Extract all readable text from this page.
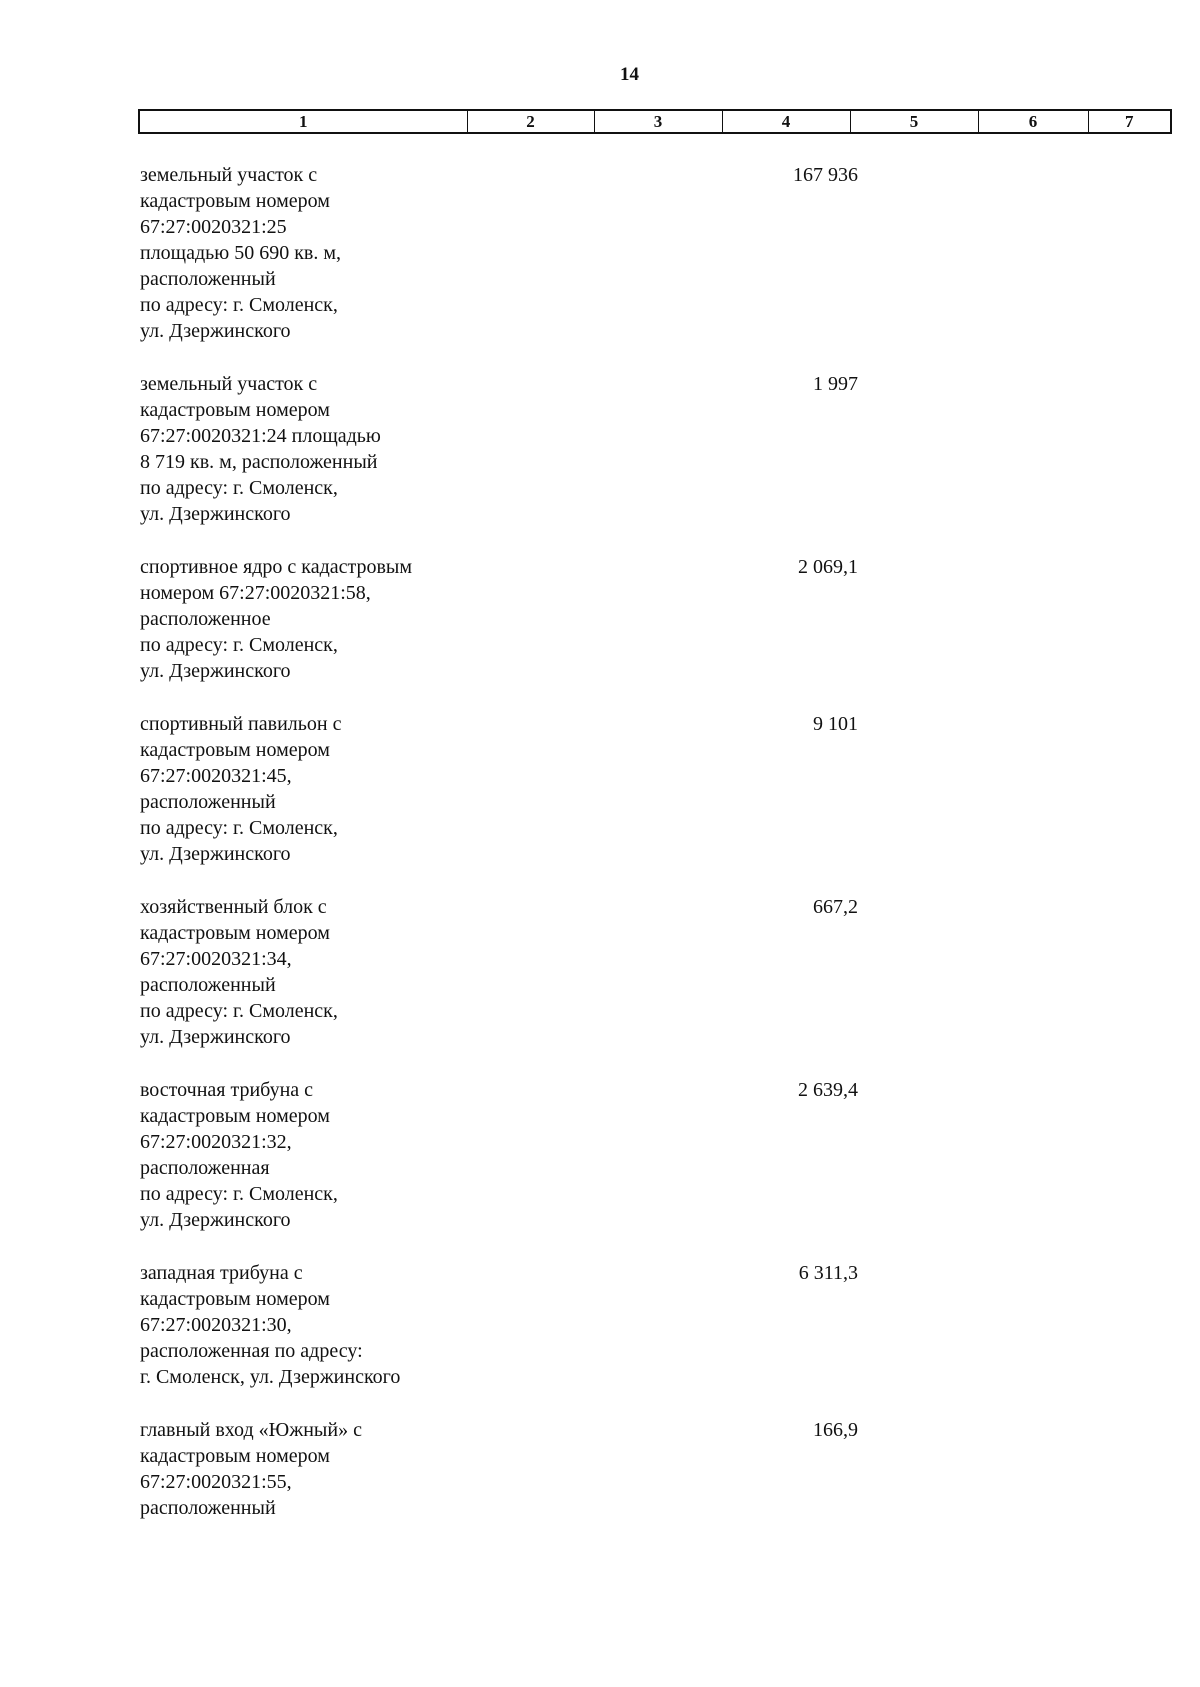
14
1	2	3	4	5	6	7
земельный участок с
кадастровым номером
67:27:0020321:25
площадью 50 690 кв. м,
расположенный
по адресу: г. Смоленск,
ул. Дзержинского
167 936
земельный участок с
кадастровым номером
67:27:0020321:24 площадью
8 719 кв. м, расположенный
по адресу: г. Смоленск,
ул. Дзержинского
1 997
спортивное ядро с кадастровым
номером 67:27:0020321:58,
расположенное
по адресу: г. Смоленск,
ул. Дзержинского
2 069,1
спортивный павильон с
кадастровым номером
67:27:0020321:45,
расположенный
по адресу: г. Смоленск,
ул. Дзержинского
9 101
хозяйственный блок с
кадастровым номером
67:27:0020321:34,
расположенный
по адресу: г. Смоленск,
ул. Дзержинского
667,2
восточная трибуна с
кадастровым номером
67:27:0020321:32,
расположенная
по адресу: г. Смоленск,
ул. Дзержинского
2 639,4
западная трибуна с
кадастровым номером
67:27:0020321:30,
расположенная по адресу:
г. Смоленск, ул. Дзержинского
6 311,3
главный вход «Южный» с
кадастровым номером
67:27:0020321:55,
расположенный
166,9
